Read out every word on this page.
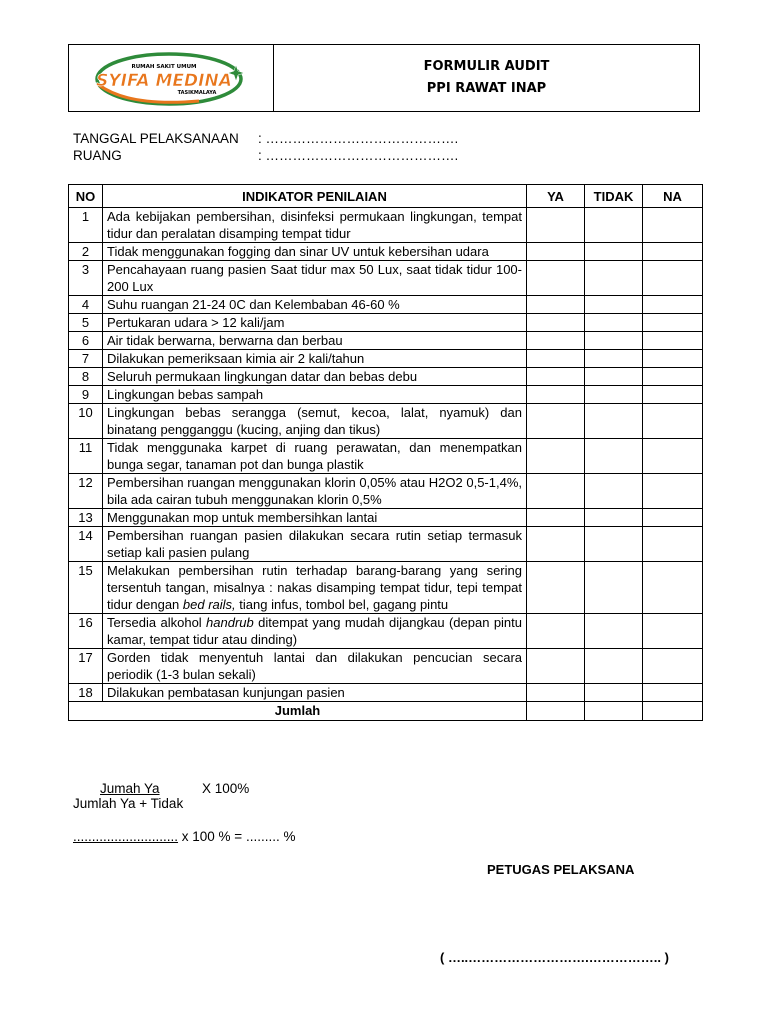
RUMAH SAKIT UMUM
SYIFA MEDINA
TASIKMALAYA
FORMULIR AUDIT
PPI RAWAT INAP
TANGGAL PELAKSANAAN : …………………………………….
RUANG	: …………………………………….
NO	INDIKATOR PENILAIAN	YA	TIDAK	NA
1	Ada kebijakan pembersihan, disinfeksi permukaan lingkungan, tempat tidur dan peralatan disamping tempat tidur			
2	Tidak menggunakan fogging dan sinar UV untuk kebersihan udara			
3	Pencahayaan ruang pasien Saat tidur max 50 Lux, saat tidak tidur 100-200 Lux			
4	Suhu ruangan 21-24 0C dan Kelembaban 46-60 %			
5	Pertukaran udara > 12 kali/jam			
6	Air tidak berwarna, berwarna dan berbau			
7	Dilakukan pemeriksaan kimia air 2 kali/tahun			
8	Seluruh permukaan lingkungan datar dan bebas debu			
9	Lingkungan bebas sampah			
10	Lingkungan bebas serangga (semut, kecoa, lalat, nyamuk) dan binatang pengganggu (kucing, anjing dan tikus)			
11	Tidak menggunaka karpet di ruang perawatan, dan menempatkan bunga segar, tanaman pot dan bunga plastik			
12	Pembersihan ruangan menggunakan klorin 0,05% atau H2O2 0,5-1,4%, bila ada cairan tubuh menggunakan klorin 0,5%			
13	Menggunakan mop untuk membersihkan lantai			
14	Pembersihan ruangan pasien dilakukan secara rutin setiap termasuk setiap kali pasien pulang			
15	Melakukan pembersihan rutin terhadap barang-barang yang sering tersentuh tangan, misalnya : nakas disamping tempat tidur, tepi tempat tidur dengan bed rails, tiang infus, tombol bel, gagang pintu			
16	Tersedia alkohol handrub ditempat yang mudah dijangkau (depan pintu kamar, tempat tidur atau dinding)			
17	Gorden tidak menyentuh lantai dan dilakukan pencucian secara periodik (1-3 bulan sekali)			
18	Dilakukan pembatasan kunjungan pasien			
Jumlah				
Jumah Ya	X 100%
Jumlah Ya + Tidak
............................ x 100 % = ......... %
PETUGAS PELAKSANA
( …..……………………….…………….. )
